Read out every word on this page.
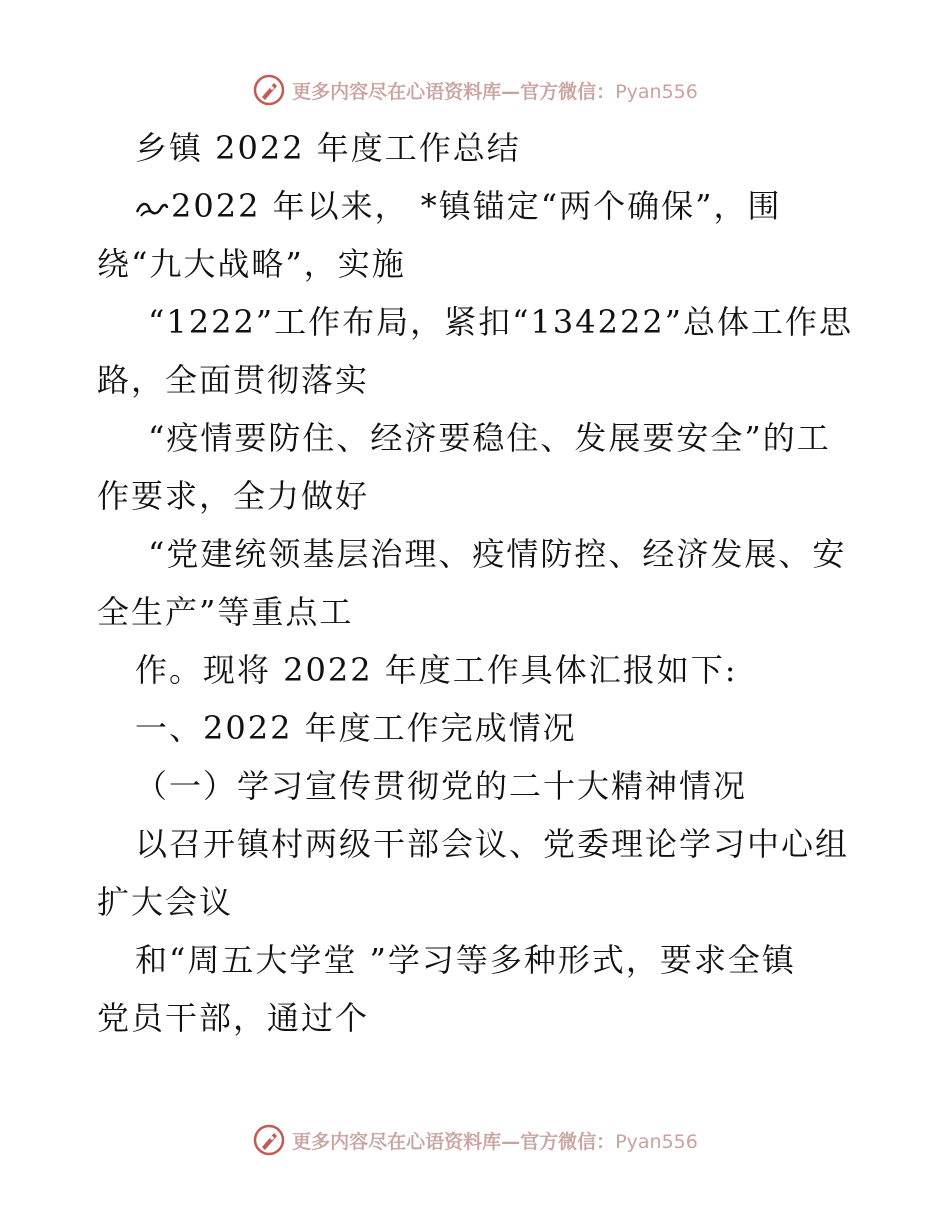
更多内容尽在心语资料库—官方微信：Pyan556
乡镇 2022 年度工作总结
2022 年以来， *镇锚定“两个确保”，围
绕“九大战略”，实施
“1222”工作布局，紧扣“134222”总体工作思
路，全面贯彻落实
“疫情要防住、经济要稳住、发展要安全”的工
作要求，全力做好
“党建统领基层治理、疫情防控、经济发展、安
全生产”等重点工
作。现将 2022 年度工作具体汇报如下:
一、2022 年度工作完成情况
（一）学习宣传贯彻党的二十大精神情况
以召开镇村两级干部会议、党委理论学习中心组
扩大会议
和“周五大学堂 ”学习等多种形式，要求全镇
党员干部，通过个
更多内容尽在心语资料库—官方微信：Pyan556
